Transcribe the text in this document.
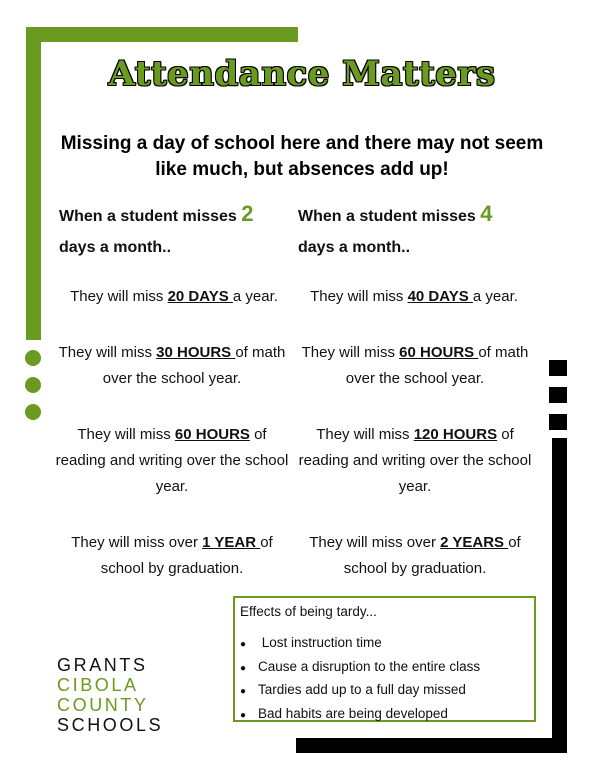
Attendance Matters
Missing a day of school here and there may not seem like much, but absences add up!
When a student misses 2
days a month..
When a student misses 4
days a month..
They will miss 20 DAYS a year.
They will miss 30 HOURS of math over the school year.
They will miss 60 HOURS of reading and writing over the school year.
They will miss over 1 YEAR of school by graduation.
They will miss 40 DAYS a year.
They will miss 60 HOURS of math over the school year.
They will miss 120 HOURS of reading and writing over the school year.
They will miss over 2 YEARS of school by graduation.
Effects of being tardy...
● Lost instruction time
● Cause a disruption to the entire class
● Tardies add up to a full day missed
● Bad habits are being developed
GRANTS
CIBOLA
COUNTY
SCHOOLS
